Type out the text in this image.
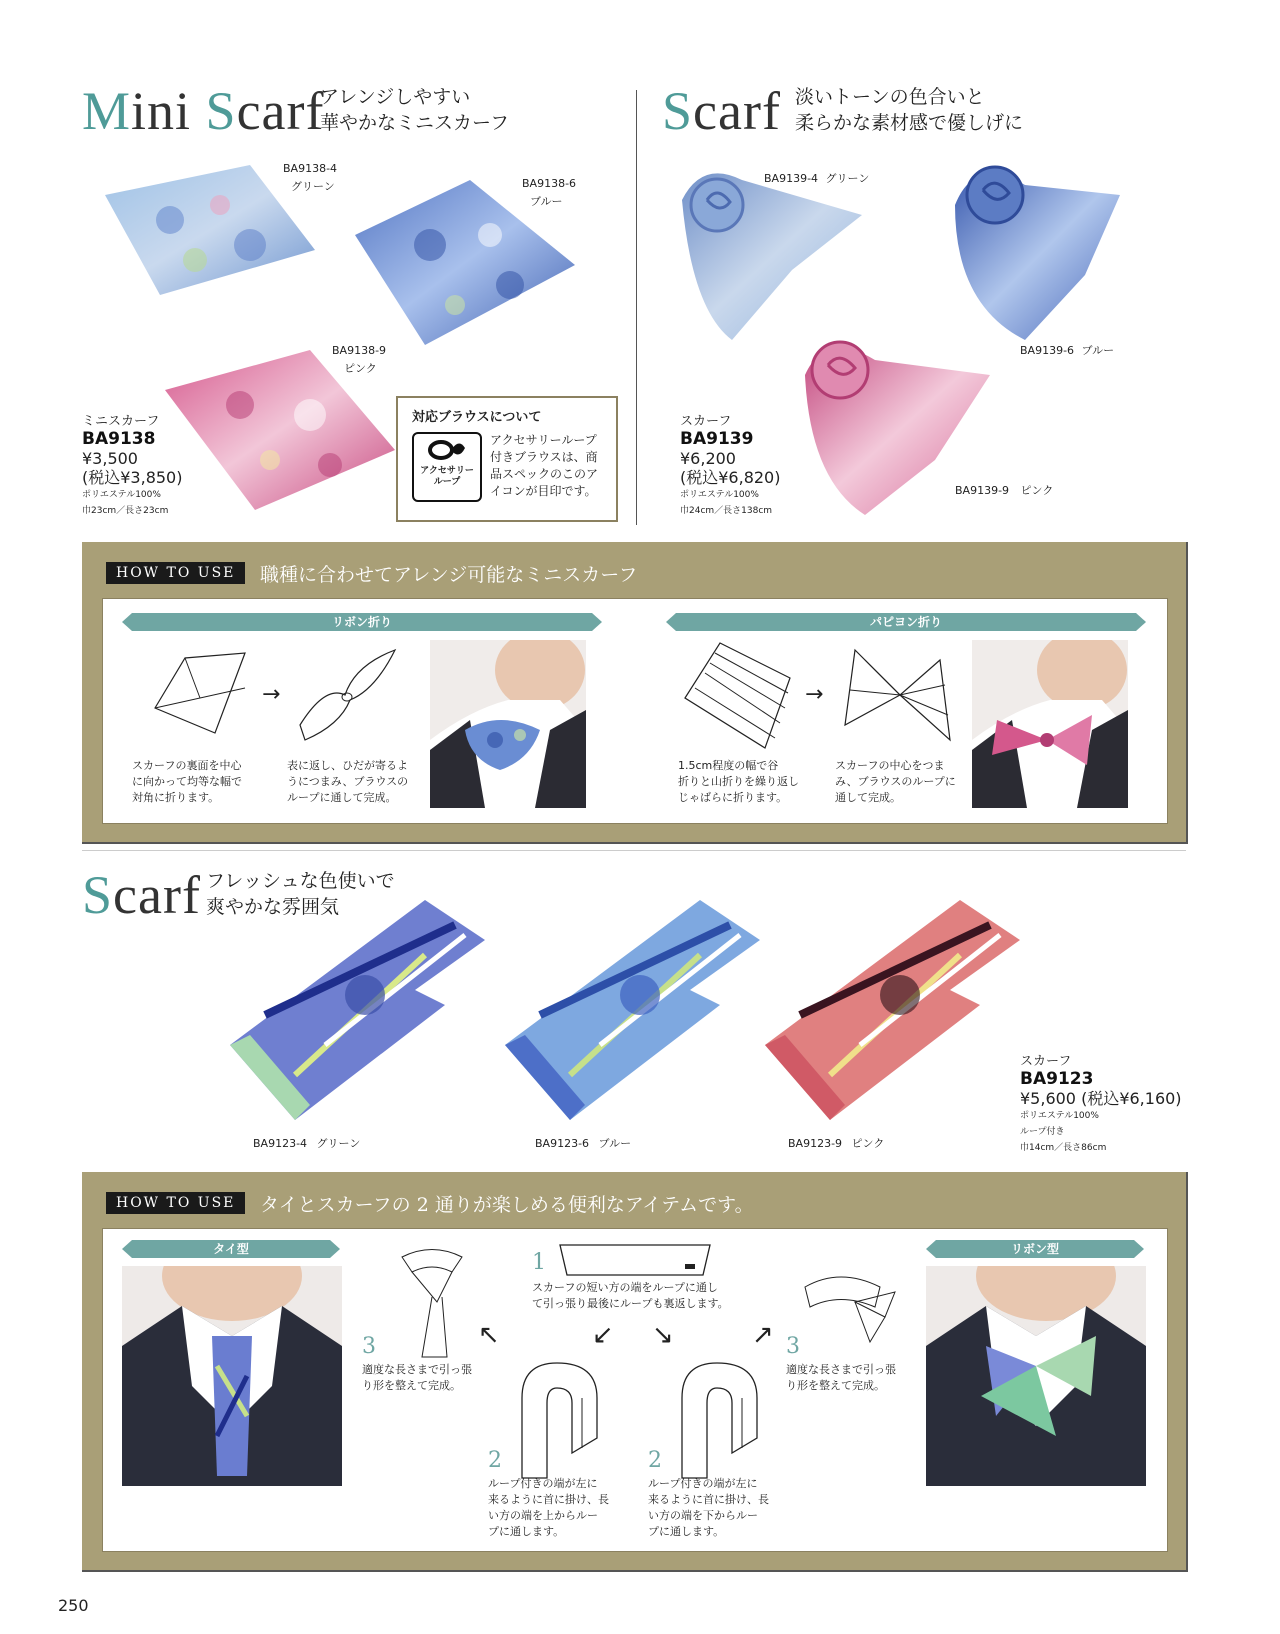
Mini Scarf
アレンジしやすい
華やかなミニスカーフ
BA9138-4
グリーン	BA9138-6
ブルー
BA9138-9
ピンク
ミニスカーフ
BA9138
¥3,500
(税込¥3,850)
ポリエステル100%
巾23cm／長さ23cm
対応ブラウスについて
アクセサリー
ループ
アクセサリーループ
付きブラウスは、商
品スペックのこのア
イコンが目印です。
Scarf 淡いトーンの色合いと
柔らかな素材感で優しげに
BA9139-4 グリーン
BA9139-6 ブルー
BA9139-9 ピンク
スカーフ
BA9139
¥6,200
(税込¥6,820)
ポリエステル100%
巾24cm／長さ138cm
HOW TO USE	職種に合わせてアレンジ可能なミニスカーフ
リボン折り	パピヨン折り
→
スカーフの裏面を中心
に向かって均等な幅で
対角に折ります。
表に返し、ひだが寄るよ
うにつまみ、ブラウスの
ループに通して完成。
→
1.5cm程度の幅で谷
折りと山折りを繰り返し
じゃばらに折ります。
スカーフの中心をつま
み、ブラウスのループに
通して完成。
Scarf フレッシュな色使いで
爽やかな雰囲気
BA9123-4 グリーン	BA9123-6 ブルー	BA9123-9 ピンク
スカーフ
BA9123
¥5,600 (税込¥6,160)
ポリエステル100%
ループ付き
巾14cm／長さ86cm
HOW TO USE	タイとスカーフの 2 通りが楽しめる便利なアイテムです。
タイ型	リボン型
1
スカーフの短い方の端をループに通し
て引っ張り最後にループも裏返します。
3
適度な長さまで引っ張
り形を整えて完成。
↖	↙
2
ループ付きの端が左に
来るように首に掛け、長
い方の端を上からルー
プに通します。
↘
2
ループ付きの端が左に
来るように首に掛け、長
い方の端を下からルー
プに通します。
↗ 3
適度な長さまで引っ張
り形を整えて完成。
250
